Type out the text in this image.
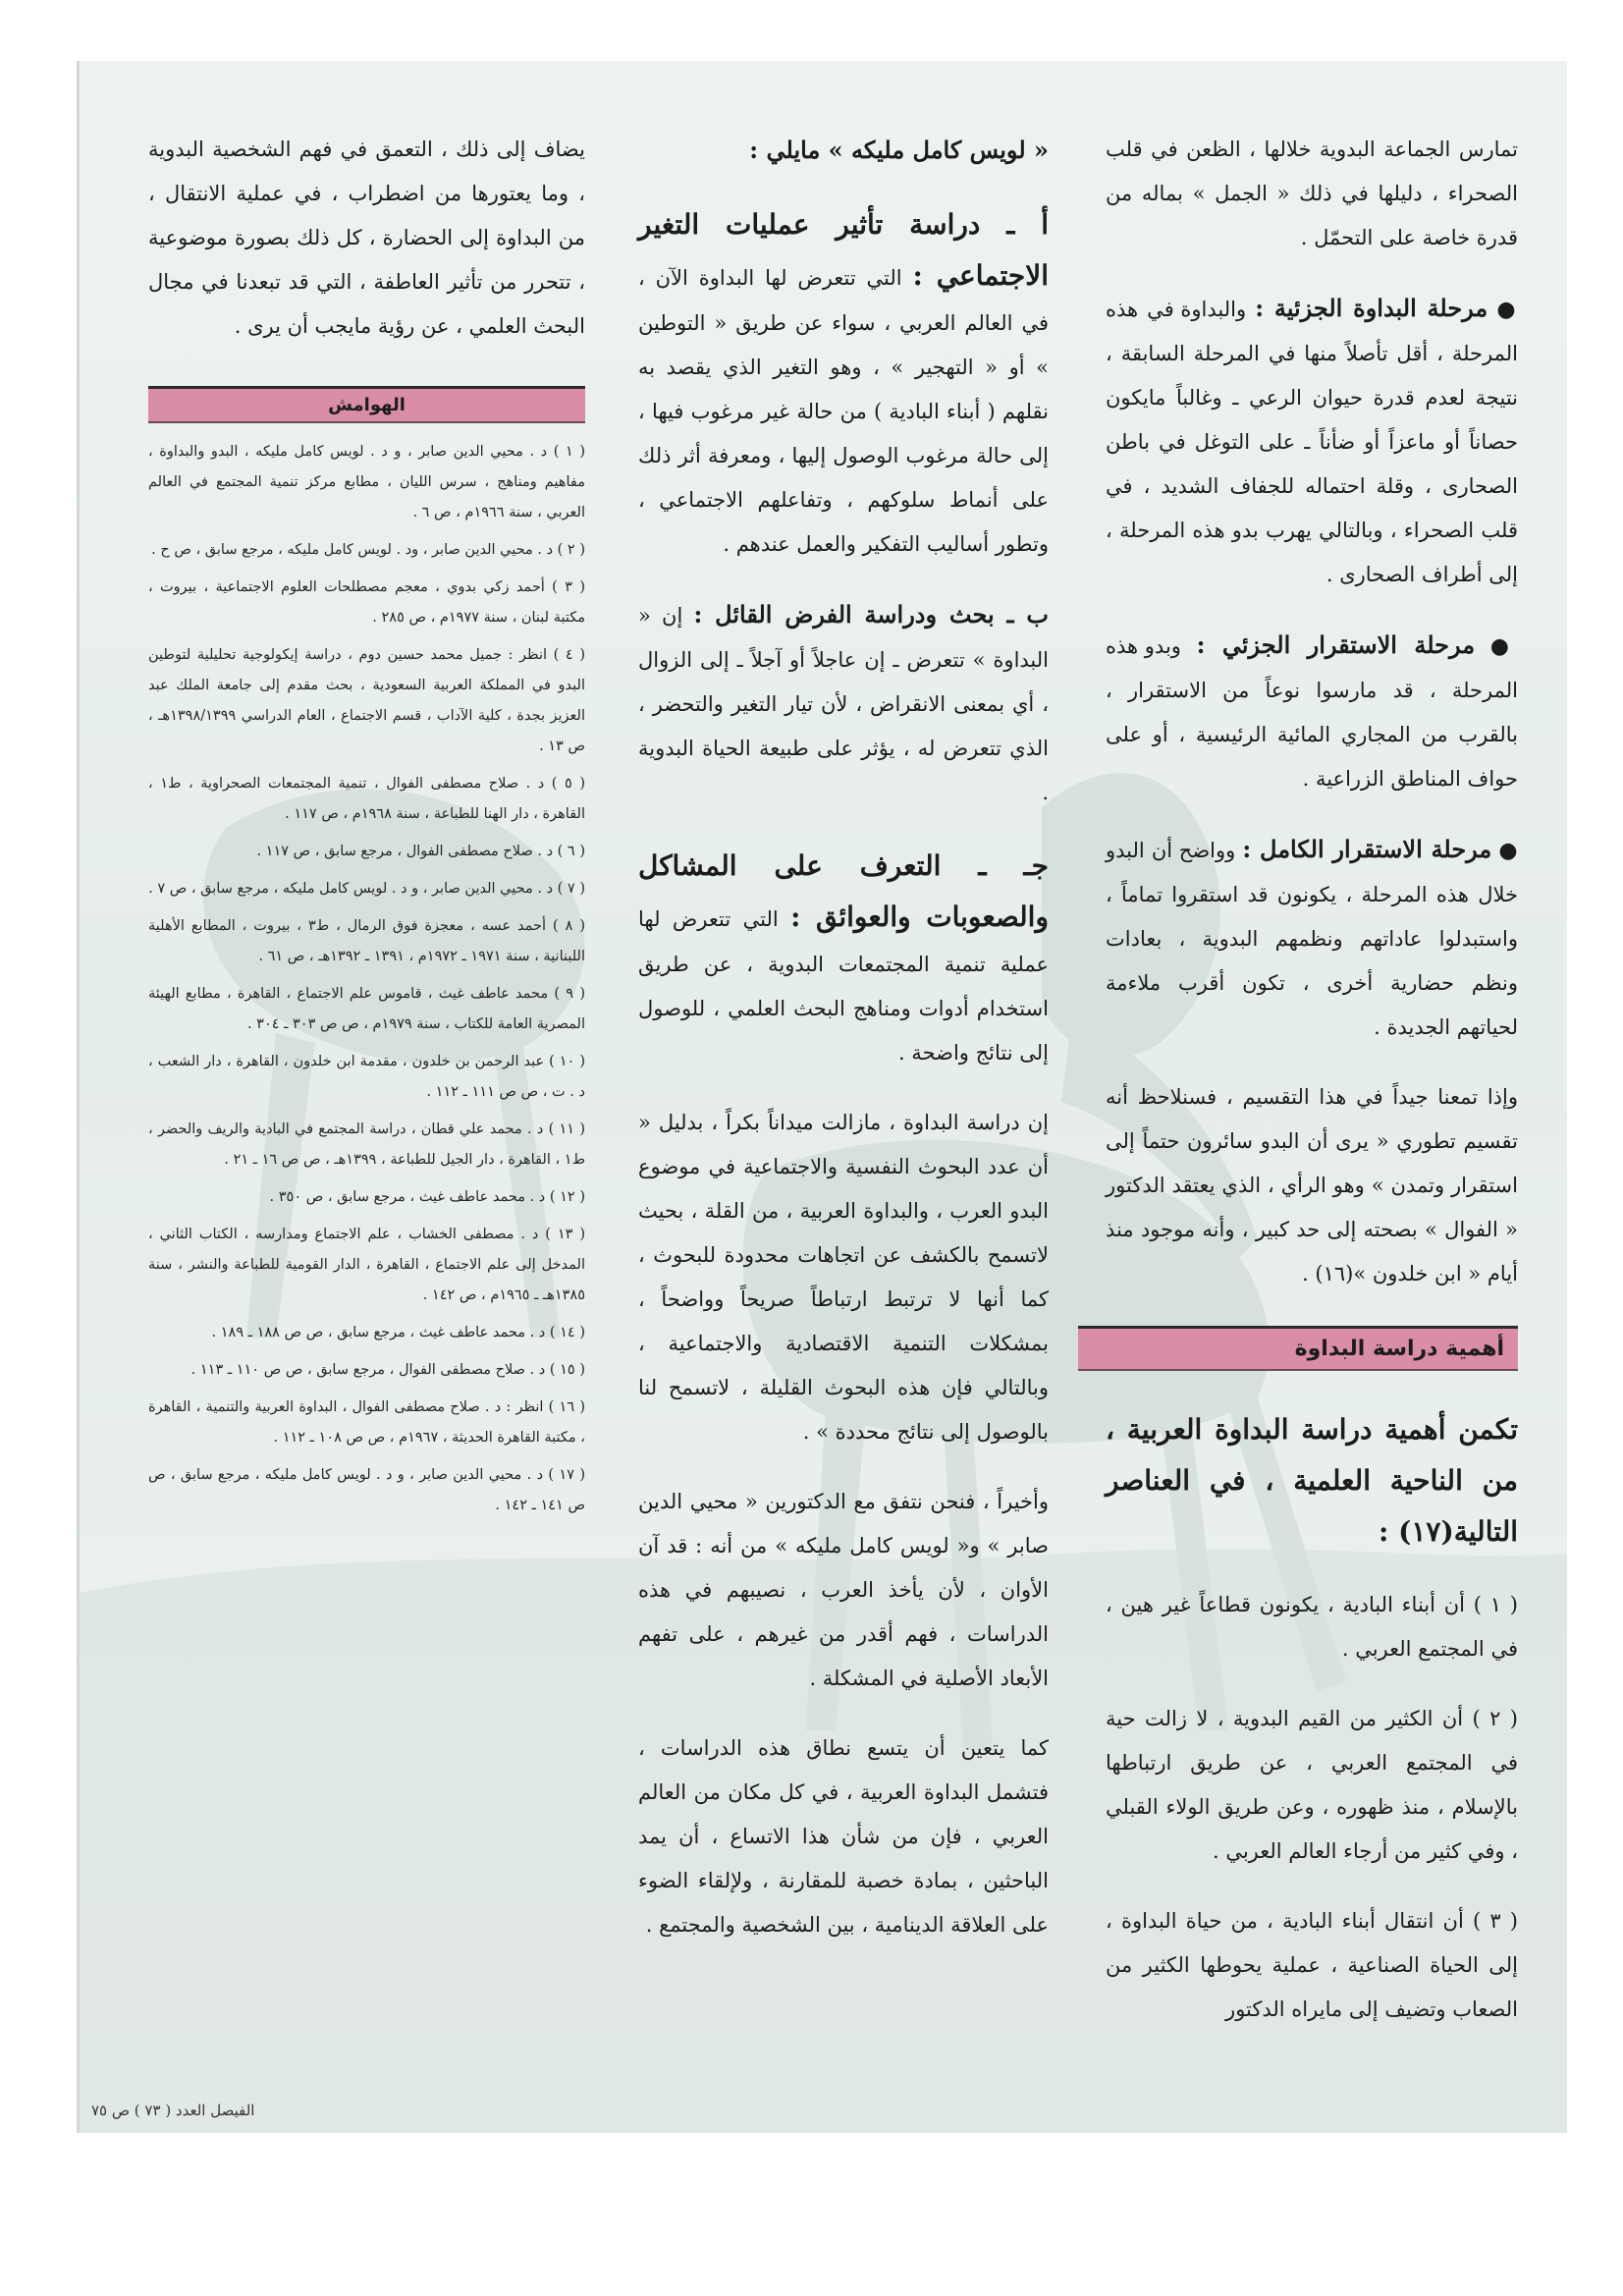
تمارس الجماعة البدوية خلالها ، الظعن في قلب الصحراء ، دليلها في ذلك « الجمل » بماله من قدرة خاصة على التحمّل .

● مرحلة البداوة الجزئية : والبداوة في هذه المرحلة ، أقل تأصلاً منها في المرحلة السابقة ، نتيجة لعدم قدرة حيوان الرعي ـ وغالباً مايكون حصاناً أو ماعزاً أو ضأناً ـ على التوغل في باطن الصحارى ، وقلة احتماله للجفاف الشديد ، في قلب الصحراء ، وبالتالي يهرب بدو هذه المرحلة ، إلى أطراف الصحارى .

● مرحلة الاستقرار الجزئي : وبدو هذه المرحلة ، قد مارسوا نوعاً من الاستقرار ، بالقرب من المجاري المائية الرئيسية ، أو على حواف المناطق الزراعية .

● مرحلة الاستقرار الكامل : وواضح أن البدو خلال هذه المرحلة ، يكونون قد استقروا تماماً ، واستبدلوا عاداتهم ونظمهم البدوية ، بعادات ونظم حضارية أخرى ، تكون أقرب ملاءمة لحياتهم الجديدة .

وإذا تمعنا جيداً في هذا التقسيم ، فسنلاحظ أنه تقسيم تطوري « يرى أن البدو سائرون حتماً إلى استقرار وتمدن » وهو الرأي ، الذي يعتقد الدكتور « الفوال » بصحته إلى حد كبير ، وأنه موجود منذ أيام « ابن خلدون »(١٦) .

أهمية دراسة البداوة

تكمن أهمية دراسة البداوة العربية ، من الناحية العلمية ، في العناصر التالية(١٧) :

( ١ ) أن أبناء البادية ، يكونون قطاعاً غير هين ، في المجتمع العربي .

( ٢ ) أن الكثير من القيم البدوية ، لا زالت حية في المجتمع العربي ، عن طريق ارتباطها بالإسلام ، منذ ظهوره ، وعن طريق الولاء القبلي ، وفي كثير من أرجاء العالم العربي .

( ٣ ) أن انتقال أبناء البادية ، من حياة البداوة ، إلى الحياة الصناعية ، عملية يحوطها الكثير من الصعاب وتضيف إلى مايراه الدكتور

« لويس كامل مليكه » مايلي :

أ ـ دراسة تأثير عمليات التغير الاجتماعي : التي تتعرض لها البداوة الآن ، في العالم العربي ، سواء عن طريق « التوطين » أو « التهجير » ، وهو التغير الذي يقصد به نقلهم ( أبناء البادية ) من حالة غير مرغوب فيها ، إلى حالة مرغوب الوصول إليها ، ومعرفة أثر ذلك على أنماط سلوكهم ، وتفاعلهم الاجتماعي ، وتطور أساليب التفكير والعمل عندهم .

ب ـ بحث ودراسة الفرض القائل : إن « البداوة » تتعرض ـ إن عاجلاً أو آجلاً ـ إلى الزوال ، أي بمعنى الانقراض ، لأن تيار التغير والتحضر ، الذي تتعرض له ، يؤثر على طبيعة الحياة البدوية .

جـ ـ التعرف على المشاكل والصعوبات والعوائق : التي تتعرض لها عملية تنمية المجتمعات البدوية ، عن طريق استخدام أدوات ومناهج البحث العلمي ، للوصول إلى نتائج واضحة .

إن دراسة البداوة ، مازالت ميداناً بكراً ، بدليل « أن عدد البحوث النفسية والاجتماعية في موضوع البدو العرب ، والبداوة العربية ، من القلة ، بحيث لاتسمح بالكشف عن اتجاهات محدودة للبحوث ، كما أنها لا ترتبط ارتباطاً صريحاً وواضحاً ، بمشكلات التنمية الاقتصادية والاجتماعية ، وبالتالي فإن هذه البحوث القليلة ، لاتسمح لنا بالوصول إلى نتائج محددة » .

وأخيراً ، فنحن نتفق مع الدكتورين « محيي الدين صابر » و« لويس كامل مليكه » من أنه : قد آن الأوان ، لأن يأخذ العرب ، نصيبهم في هذه الدراسات ، فهم أقدر من غيرهم ، على تفهم الأبعاد الأصلية في المشكلة .

كما يتعين أن يتسع نطاق هذه الدراسات ، فتشمل البداوة العربية ، في كل مكان من العالم العربي ، فإن من شأن هذا الاتساع ، أن يمد الباحثين ، بمادة خصبة للمقارنة ، ولإلقاء الضوء على العلاقة الدينامية ، بين الشخصية والمجتمع .

يضاف إلى ذلك ، التعمق في فهم الشخصية البدوية ، وما يعتورها من اضطراب ، في عملية الانتقال ، من البداوة إلى الحضارة ، كل ذلك بصورة موضوعية ، تتحرر من تأثير العاطفة ، التي قد تبعدنا في مجال البحث العلمي ، عن رؤية مايجب أن يرى .

الهوامش

( ١ ) د . محيي الدين صابر ، و د . لويس كامل مليكه ، البدو والبداوة ، مفاهيم ومناهج ، سرس الليان ، مطابع مركز تنمية المجتمع في العالم العربي ، سنة ١٩٦٦م ، ص ٦ .

( ٢ ) د . محيي الدين صابر ، ود . لويس كامل مليكه ، مرجع سابق ، ص ح .

( ٣ ) أحمد زكي بدوي ، معجم مصطلحات العلوم الاجتماعية ، بيروت ، مكتبة لبنان ، سنة ١٩٧٧م ، ص ٢٨٥ .

( ٤ ) انظر : جميل محمد حسين دوم ، دراسة إيكولوجية تحليلية لتوطين البدو في المملكة العربية السعودية ، بحث مقدم إلى جامعة الملك عبد العزيز بجدة ، كلية الآداب ، قسم الاجتماع ، العام الدراسي ١٣٩٨/١٣٩٩هـ ، ص ١٣ .

( ٥ ) د . صلاح مصطفى الفوال ، تنمية المجتمعات الصحراوية ، ط١ ، القاهرة ، دار الهنا للطباعة ، سنة ١٩٦٨م ، ص ١١٧ .

( ٦ ) د . صلاح مصطفى الفوال ، مرجع سابق ، ص ١١٧ .

( ٧ ) د . محيي الدين صابر ، و د . لويس كامل مليكه ، مرجع سابق ، ص ٧ .

( ٨ ) أحمد عسه ، معجزة فوق الرمال ، ط٣ ، بيروت ، المطابع الأهلية اللبنانية ، سنة ١٩٧١ ـ ١٩٧٢م ، ١٣٩١ ـ ١٣٩٢هـ ، ص ٦١ .

( ٩ ) محمد عاطف غيث ، قاموس علم الاجتماع ، القاهرة ، مطابع الهيئة المصرية العامة للكتاب ، سنة ١٩٧٩م ، ص ص ٣٠٣ ـ ٣٠٤ .

( ١٠ ) عبد الرحمن بن خلدون ، مقدمة ابن خلدون ، القاهرة ، دار الشعب ، د . ت ، ص ص ١١١ ـ ١١٢ .

( ١١ ) د . محمد علي قطان ، دراسة المجتمع في البادية والريف والحضر ، ط١ ، القاهرة ، دار الجيل للطباعة ، ١٣٩٩هـ ، ص ص ١٦ ـ ٢١ .

( ١٢ ) د . محمد عاطف غيث ، مرجع سابق ، ص ٣٥٠ .

( ١٣ ) د . مصطفى الخشاب ، علم الاجتماع ومدارسه ، الكتاب الثاني ، المدخل إلى علم الاجتماع ، القاهرة ، الدار القومية للطباعة والنشر ، سنة ١٣٨٥هـ ـ ١٩٦٥م ، ص ١٤٢ .

( ١٤ ) د . محمد عاطف غيث ، مرجع سابق ، ص ص ١٨٨ ـ ١٨٩ .

( ١٥ ) د . صلاح مصطفى الفوال ، مرجع سابق ، ص ص ١١٠ ـ ١١٣ .

( ١٦ ) انظر : د . صلاح مصطفى الفوال ، البداوة العربية والتنمية ، القاهرة ، مكتبة القاهرة الحديثة ، ١٩٦٧م ، ص ص ١٠٨ ـ ١١٢ .

( ١٧ ) د . محيي الدين صابر ، و د . لويس كامل مليكه ، مرجع سابق ، ص ص ١٤١ ـ ١٤٢ .

الفيصل العدد ( ٧٣ ) ص ٧٥
